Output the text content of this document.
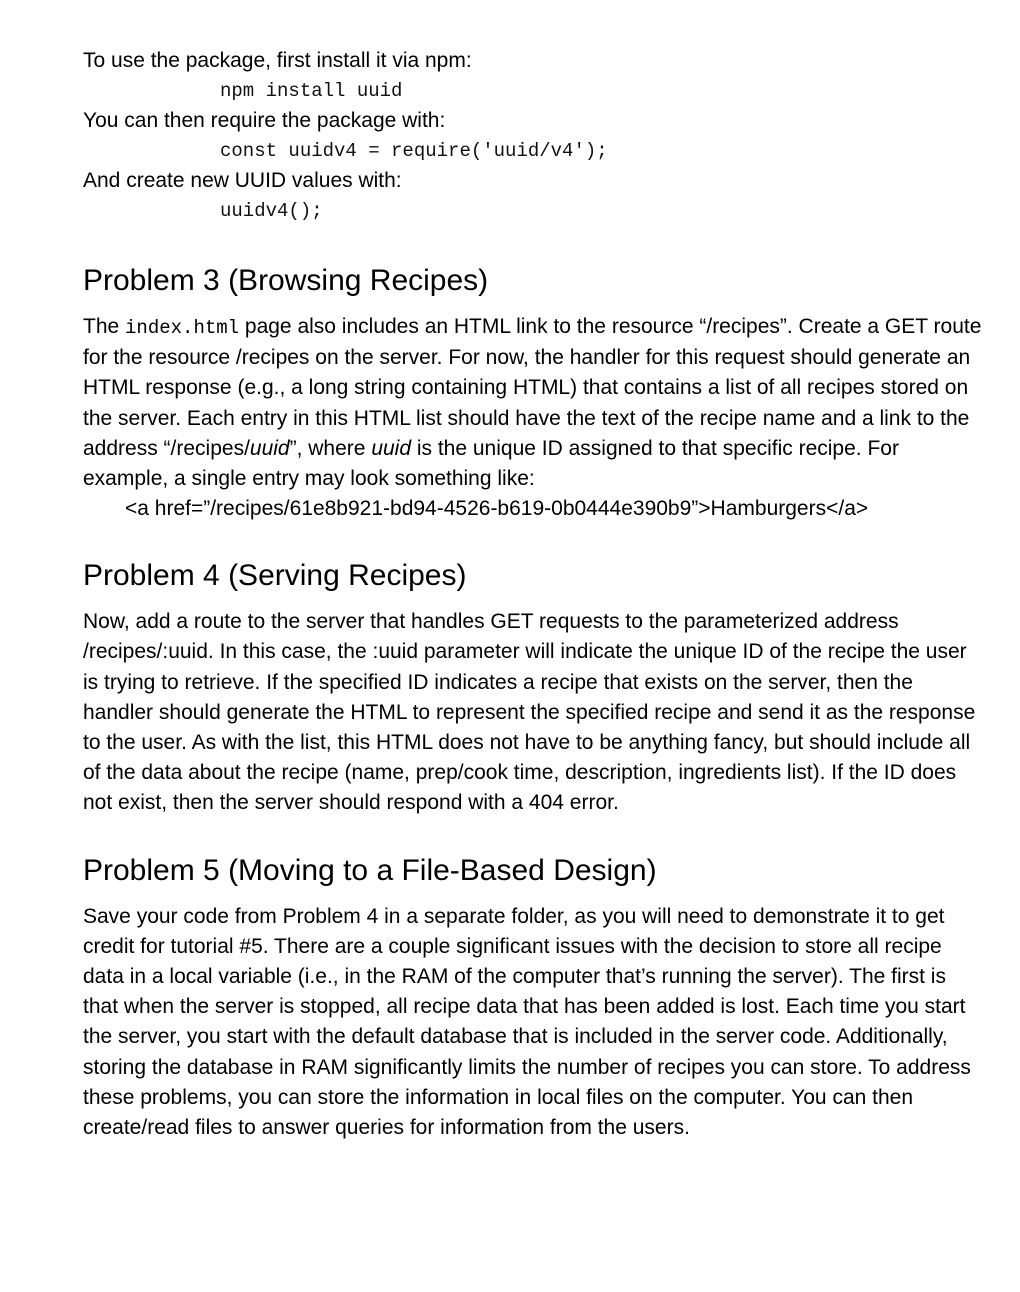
To use the package, first install it via npm:
npm install uuid
You can then require the package with:
const uuidv4 = require('uuid/v4');
And create new UUID values with:
uuidv4();
Problem 3 (Browsing Recipes)
The index.html page also includes an HTML link to the resource “/recipes”. Create a GET route for the resource /recipes on the server. For now, the handler for this request should generate an HTML response (e.g., a long string containing HTML) that contains a list of all recipes stored on the server. Each entry in this HTML list should have the text of the recipe name and a link to the address “/recipes/uuid”, where uuid is the unique ID assigned to that specific recipe. For example, a single entry may look something like:
<a href=”/recipes/61e8b921-bd94-4526-b619-0b0444e390b9”>Hamburgers</a>
Problem 4 (Serving Recipes)
Now, add a route to the server that handles GET requests to the parameterized address /recipes/:uuid. In this case, the :uuid parameter will indicate the unique ID of the recipe the user is trying to retrieve. If the specified ID indicates a recipe that exists on the server, then the handler should generate the HTML to represent the specified recipe and send it as the response to the user. As with the list, this HTML does not have to be anything fancy, but should include all of the data about the recipe (name, prep/cook time, description, ingredients list). If the ID does not exist, then the server should respond with a 404 error.
Problem 5 (Moving to a File-Based Design)
Save your code from Problem 4 in a separate folder, as you will need to demonstrate it to get credit for tutorial #5. There are a couple significant issues with the decision to store all recipe data in a local variable (i.e., in the RAM of the computer that’s running the server). The first is that when the server is stopped, all recipe data that has been added is lost. Each time you start the server, you start with the default database that is included in the server code. Additionally, storing the database in RAM significantly limits the number of recipes you can store. To address these problems, you can store the information in local files on the computer. You can then create/read files to answer queries for information from the users.
